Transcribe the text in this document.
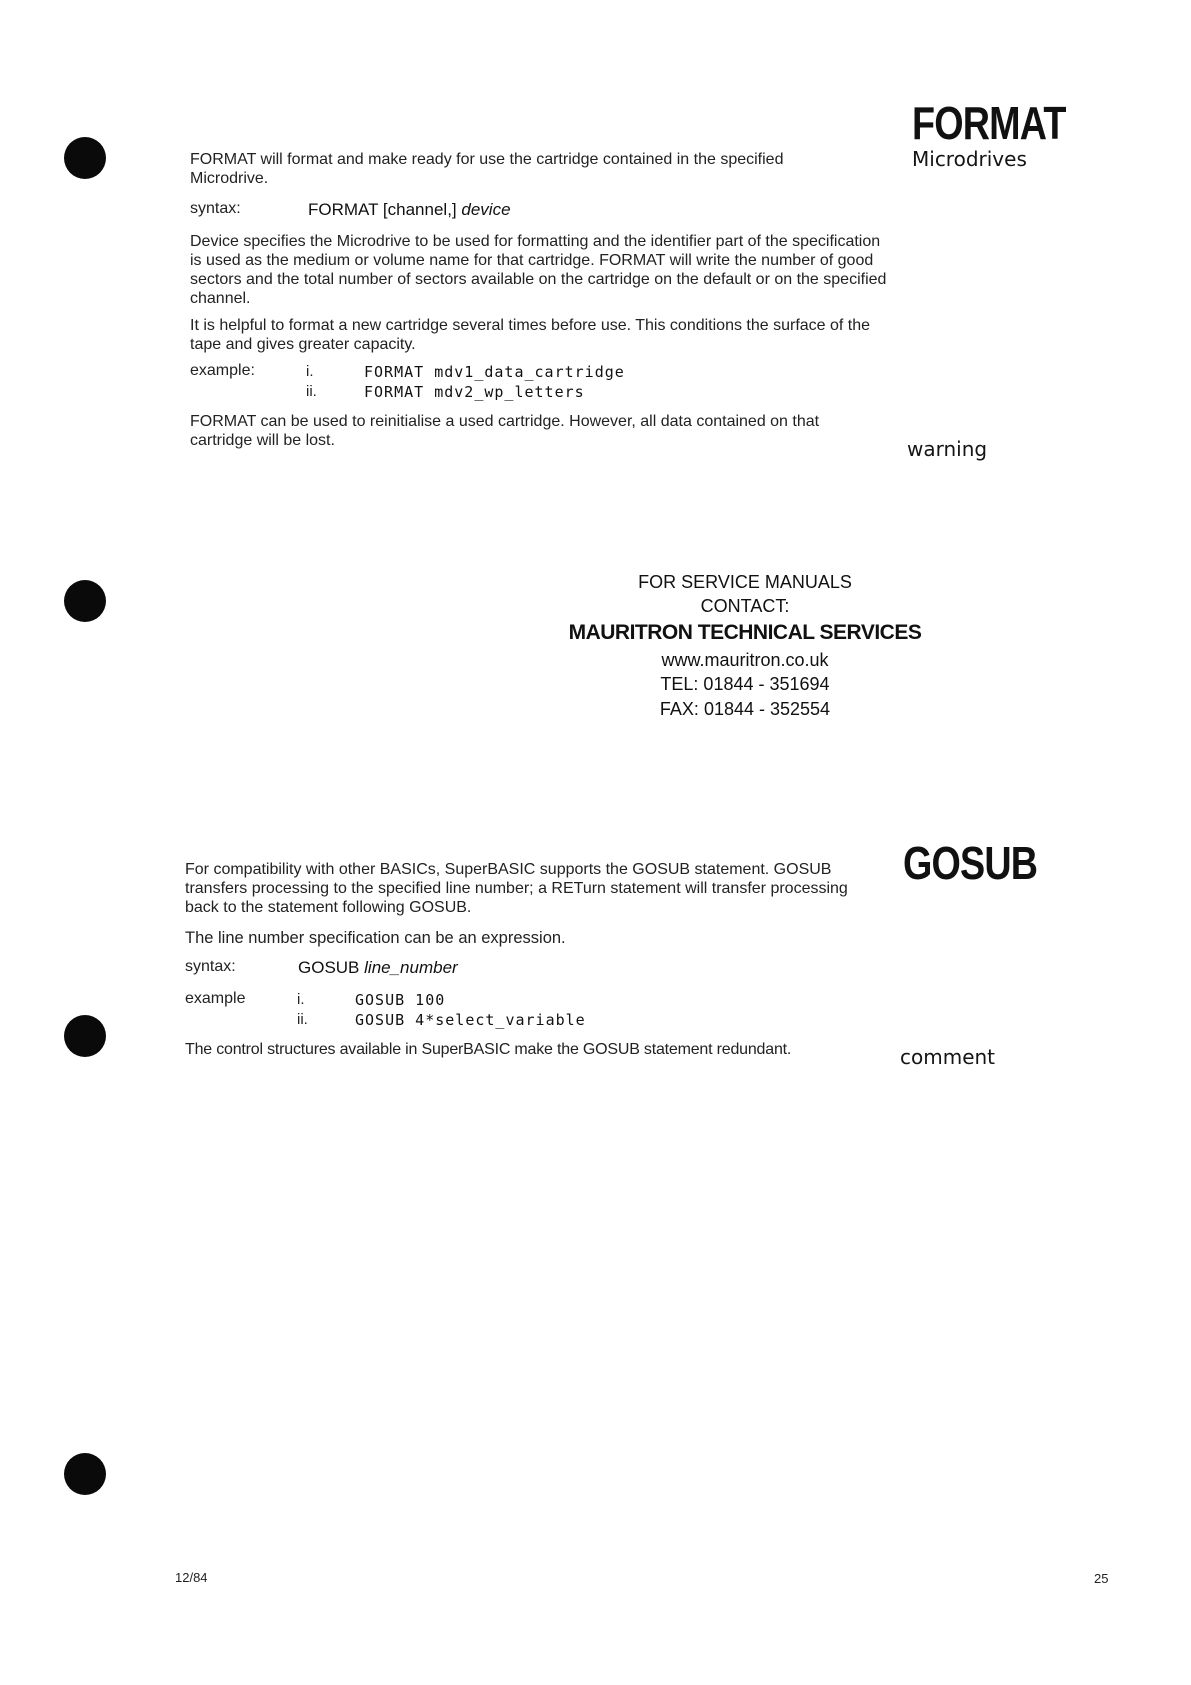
FORMAT
Microdrives

FORMAT will format and make ready for use the cartridge contained in the specified
Microdrive.

syntax:	FORMAT [channel,] device

Device specifies the Microdrive to be used for formatting and the identifier part of the specification is used as the medium or volume name for that cartridge. FORMAT will write the number of good sectors and the total number of sectors available on the cartridge on the default or on the specified channel.

It is helpful to format a new cartridge several times before use. This conditions the surface of the tape and gives greater capacity.

example:	i.	FORMAT mdv1_data_cartridge
ii.	FORMAT mdv2_wp_letters

FORMAT can be used to reinitialise a used cartridge. However, all data contained on that cartridge will be lost.	warning
FOR SERVICE MANUALS
CONTACT:
MAURITRON TECHNICAL SERVICES
www.mauritron.co.uk
TEL: 01844 - 351694
FAX: 01844 - 352554
GOSUB

For compatibility with other BASICs, SuperBASIC supports the GOSUB statement. GOSUB transfers processing to the specified line number; a RETurn statement will transfer processing back to the statement following GOSUB.

The line number specification can be an expression.

syntax:	GOSUB line_number
example	i.	GOSUB 100
ii.	GOSUB 4*select_variable

The control structures available in SuperBASIC make the GOSUB statement redundant.	comment
12/84	25
